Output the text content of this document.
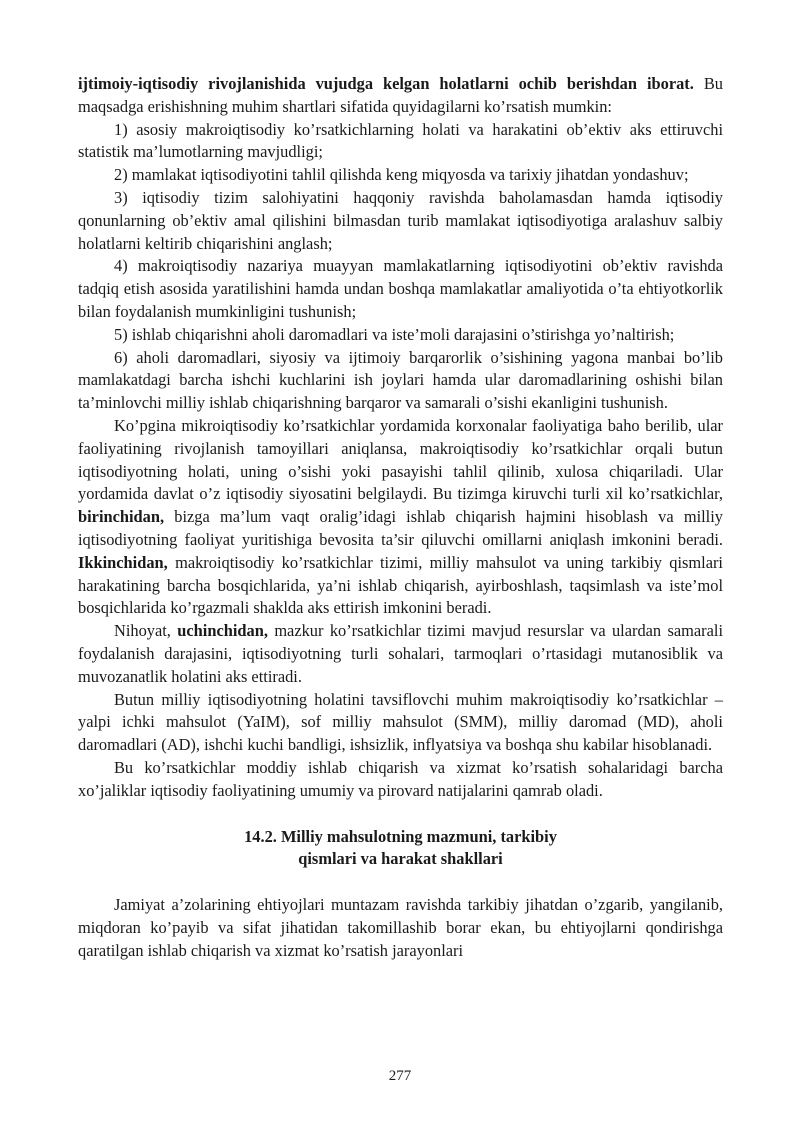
ijtimoiy-iqtisodiy rivojlanishida vujudga kelgan holatlarni ochib berishdan iborat. Bu maqsadga erishishning muhim shartlari sifatida quyidagilarni ko’rsatish mumkin:

1) asosiy makroiqtisodiy ko’rsatkichlarning holati va harakatini ob’ektiv aks ettiruvchi statistik ma’lumotlarning mavjudligi;

2) mamlakat iqtisodiyotini tahlil qilishda keng miqyosda va tarixiy jihatdan yondashuv;

3) iqtisodiy tizim salohiyatini haqqoniy ravishda baholamasdan hamda iqtisodiy qonunlarning ob’ektiv amal qilishini bilmasdan turib mamlakat iqtisodiyotiga aralashuv salbiy holatlarni keltirib chiqarishini anglash;

4) makroiqtisodiy nazariya muayyan mamlakatlarning iqtisodiyotini ob’ektiv ravishda tadqiq etish asosida yaratilishini hamda undan boshqa mamlakatlar amaliyotida o’ta ehtiyotkorlik bilan foydalanish mumkinligini tushunish;

5) ishlab chiqarishni aholi daromadlari va iste’moli darajasini o’stirishga yo’naltirish;

6) aholi daromadlari, siyosiy va ijtimoiy barqarorlik o’sishining yagona manbai bo’lib mamlakatdagi barcha ishchi kuchlarini ish joylari hamda ular daromadlarining oshishi bilan ta’minlovchi milliy ishlab chiqarishning barqaror va samarali o’sishi ekanligini tushunish.

Ko’pgina mikroiqtisodiy ko’rsatkichlar yordamida korxonalar faoliyatiga baho berilib, ular faoliyatining rivojlanish tamoyillari aniqlansa, makroiqtisodiy ko’rsatkichlar orqali butun iqtisodiyotning holati, uning o’sishi yoki pasayishi tahlil qilinib, xulosa chiqariladi. Ular yordamida davlat o’z iqtisodiy siyosatini belgilaydi. Bu tizimga kiruvchi turli xil ko’rsatkichlar, birinchidan, bizga ma’lum vaqt oralig’idagi ishlab chiqarish hajmini hisoblash va milliy iqtisodiyotning faoliyat yuritishiga bevosita ta’sir qiluvchi omillarni aniqlash imkonini beradi. Ikkinchidan, makroiqtisodiy ko’rsatkichlar tizimi, milliy mahsulot va uning tarkibiy qismlari harakatining barcha bosqichlarida, ya’ni ishlab chiqarish, ayirboshlash, taqsimlash va iste’mol bosqichlarida ko’rgazmali shaklda aks ettirish imkonini beradi.

Nihoyat, uchinchidan, mazkur ko’rsatkichlar tizimi mavjud resurslar va ulardan samarali foydalanish darajasini, iqtisodiyotning turli sohalari, tarmoqlari o’rtasidagi mutanosiblik va muvozanatlik holatini aks ettiradi.

Butun milliy iqtisodiyotning holatini tavsiflovchi muhim makroiqtisodiy ko’rsatkichlar – yalpi ichki mahsulot (YaIM), sof milliy mahsulot (SMM), milliy daromad (MD), aholi daromadlari (AD), ishchi kuchi bandligi, ishsizlik, inflyatsiya va boshqa shu kabilar hisoblanadi.

Bu ko’rsatkichlar moddiy ishlab chiqarish va xizmat ko’rsatish sohalaridagi barcha xo’jaliklar iqtisodiy faoliyatining umumiy va pirovard natijalarini qamrab oladi.

14.2. Milliy mahsulotning mazmuni, tarkibiy
qismlari va harakat shakllari

Jamiyat a’zolarining ehtiyojlari muntazam ravishda tarkibiy jihatdan o’zgarib, yangilanib, miqdoran ko’payib va sifat jihatidan takomillashib borar ekan, bu ehtiyojlarni qondirishga qaratilgan ishlab chiqarish va xizmat ko’rsatish jarayonlari

277
